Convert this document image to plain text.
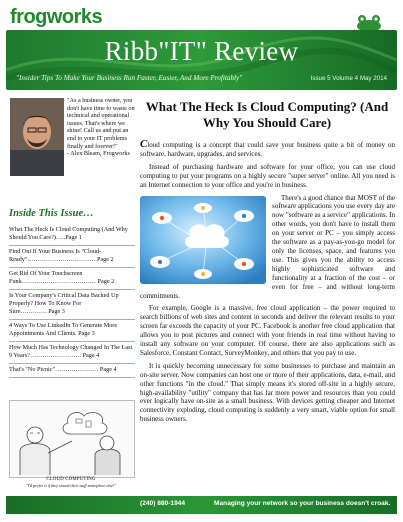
frogworks
Ribb"IT" Review
"Insider Tips To Make Your Business Run Faster, Easier, And More Profitably"	Issue 5 Volume 4 May 2014
"As a business owner, you don't have time to waste on technical and operational issues. That's where we shine! Call us and put an end to your IT problems finally and forever!"
- Alex Bleam, Frogworks
Inside This Issue…
What The Heck Is Cloud Computing (And Why Should You Care?)…..Page 1
Find Out If Your Business Is "Cloud-Ready"…………………………… Page 2
Get Rid Of Your Touchscreen Funk……………………………… Page 2
Is Your Company's Critical Data Backed Up Properly? How To Know For Sure…………. Page 3
4 Ways To Use LinkedIn To Generate More Appointments And Clients. Page 3
How Much Has Technology Changed In The Last 9 Years?……………………. Page 4
That's "No Picnic"………………… Page 4
CLOUD COMPUTING
"I'd prefer it if they stored their stuff someplace else!"
What The Heck Is Cloud Computing? (And Why You Should Care)

Cloud computing is a concept that could save your business quite a bit of money on software, hardware, upgrades, and services.

Instead of purchasing hardware and software for your office, you can use cloud computing to put your programs on a highly secure "super server" online. All you need is an Internet connection to your office and you're in business.

There's a good chance that MOST of the software applications you use every day are now "software as a service" applications. In other words, you don't have to install them on your server or PC – you simply access the software as a pay-as-you-go model for only the licenses, space, and features you use. This gives you the ability to access highly sophisticated software and functionality at a fraction of the cost – or even for free – and without long-term commitments.

For example, Google is a massive, free cloud application – the power required to search billions of web sites and content in seconds and deliver the relevant results to your screen far exceeds the capacity of your PC. Facebook is another free cloud application that allows you to post pictures and connect with your friends in real time without having to install any software on your computer. Of course, there are also applications such as Salesforce, Constant Contact, SurveyMonkey, and others that you pay to use.

It is quickly becoming unnecessary for some businesses to purchase and maintain an on-site server. Now companies can host one or more of their applications, data, e-mail, and other functions "in the cloud." That simply means it's stored off-site in a highly secure, high-availability "utility" company that has far more power and resources than you could ever logically have on-site as a small business. With devices getting cheaper and Internet connectivity exploding, cloud computing is suddenly a very smart, viable option for small business owners.

(240) 880-1944	Managing your network so your business doesn't croak.
